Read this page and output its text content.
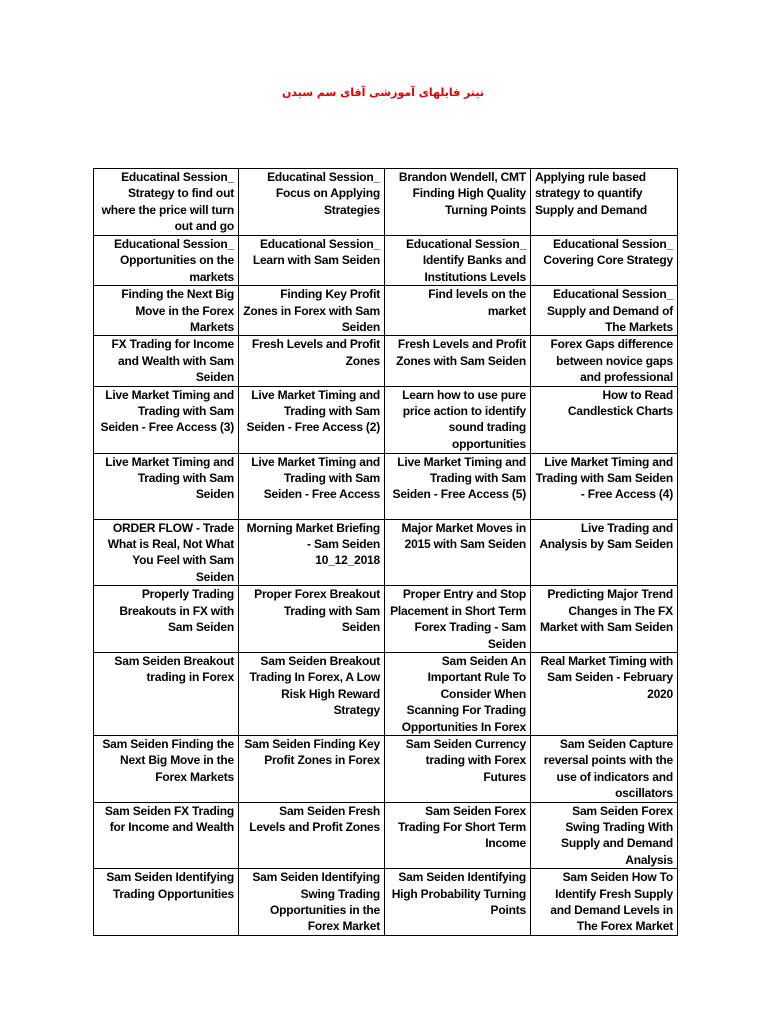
تیتر فایلهای آموزشی آقای سم سیدن
Educatinal Session_ Strategy to find out where the price will turn out and go	Educatinal Session_ Focus on Applying Strategies	Brandon Wendell, CMT Finding High Quality Turning Points	Applying rule based strategy to quantify Supply and Demand
Educational Session_ Opportunities on the markets	Educational Session_ Learn with Sam Seiden	Educational Session_ Identify Banks and Institutions Levels	Educational Session_ Covering Core Strategy
Finding the Next Big Move in the Forex Markets	Finding Key Profit Zones in Forex with Sam Seiden	Find levels on the market	Educational Session_ Supply and Demand of The Markets
FX Trading for Income and Wealth with Sam Seiden	Fresh Levels and Profit Zones	Fresh Levels and Profit Zones with Sam Seiden	Forex Gaps difference between novice gaps and professional
Live Market Timing and Trading with Sam Seiden - Free Access (3)	Live Market Timing and Trading with Sam Seiden - Free Access (2)	Learn how to use pure price action to identify sound trading opportunities	How to Read Candlestick Charts
Live Market Timing and Trading with Sam Seiden	Live Market Timing and Trading with Sam Seiden - Free Access	Live Market Timing and Trading with Sam Seiden - Free Access (5)	Live Market Timing and Trading with Sam Seiden - Free Access (4)
ORDER FLOW - Trade What is Real, Not What You Feel with Sam Seiden	Morning Market Briefing - Sam Seiden 10_12_2018	Major Market Moves in 2015 with Sam Seiden	Live Trading and Analysis by Sam Seiden
Properly Trading Breakouts in FX with Sam Seiden	Proper Forex Breakout Trading with Sam Seiden	Proper Entry and Stop Placement in Short Term Forex Trading - Sam Seiden	Predicting Major Trend Changes in The FX Market with Sam Seiden
Sam Seiden Breakout trading in Forex	Sam Seiden Breakout Trading In Forex, A Low Risk High Reward Strategy	Sam Seiden An Important Rule To Consider When Scanning For Trading Opportunities In Forex	Real Market Timing with Sam Seiden - February 2020
Sam Seiden Finding the Next Big Move in the Forex Markets	Sam Seiden Finding Key Profit Zones in Forex	Sam Seiden Currency trading with Forex Futures	Sam Seiden Capture reversal points with the use of indicators and oscillators
Sam Seiden FX Trading for Income and Wealth	Sam Seiden Fresh Levels and Profit Zones	Sam Seiden Forex Trading For Short Term Income	Sam Seiden Forex Swing Trading With Supply and Demand Analysis
Sam Seiden Identifying Trading Opportunities	Sam Seiden Identifying Swing Trading Opportunities in the Forex Market	Sam Seiden Identifying High Probability Turning Points	Sam Seiden How To Identify Fresh Supply and Demand Levels in The Forex Market
